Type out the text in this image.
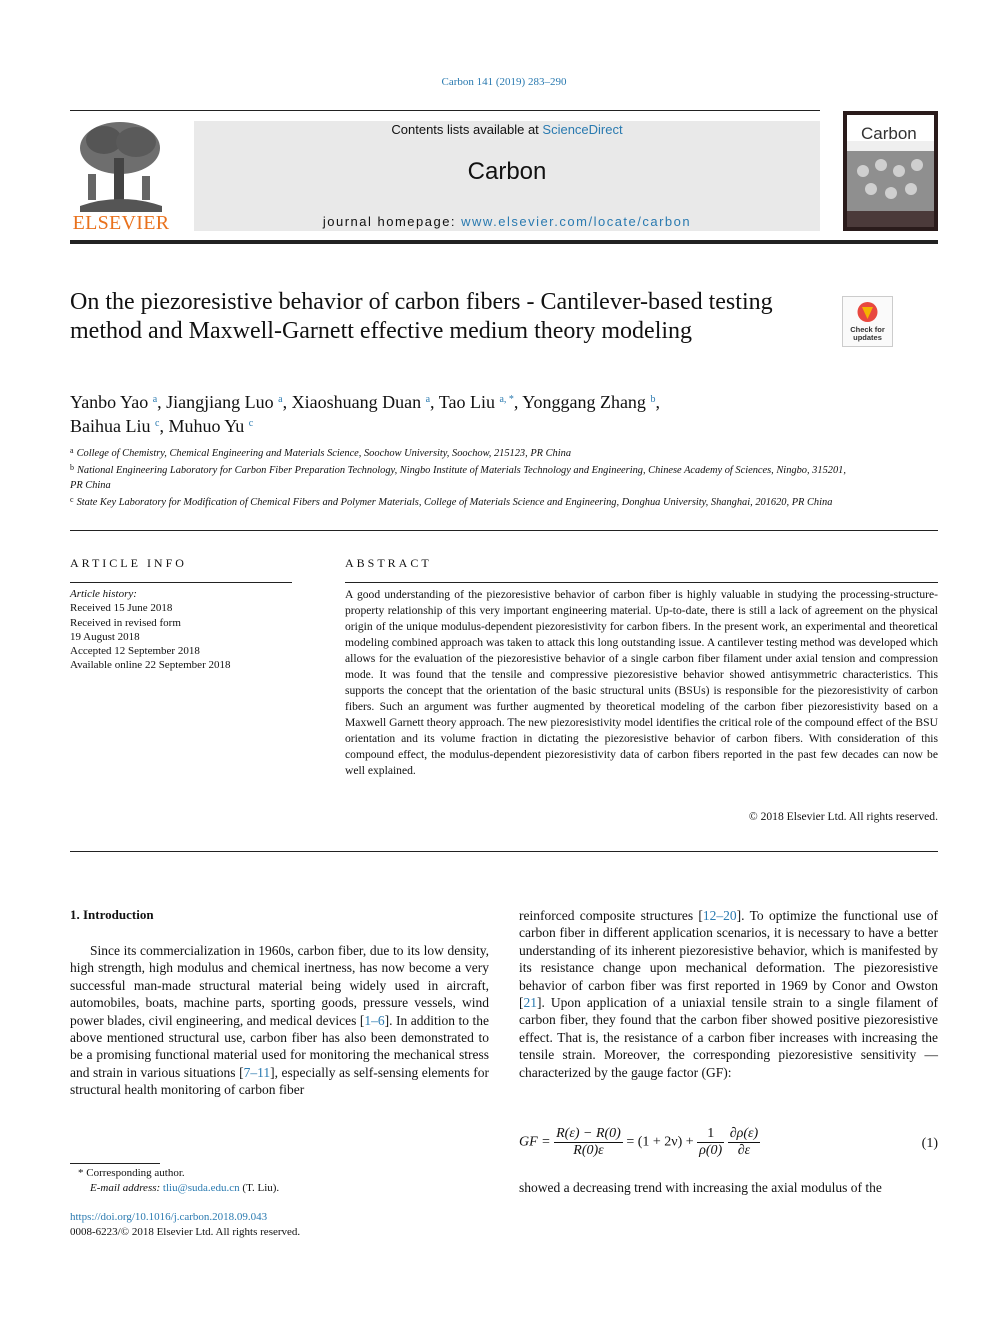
Carbon 141 (2019) 283–290
ELSEVIER
Contents lists available at ScienceDirect
Carbon
journal homepage: www.elsevier.com/locate/carbon
Carbon
On the piezoresistive behavior of carbon fibers - Cantilever-based testing method and Maxwell-Garnett effective medium theory modeling	Check for
updates
Yanbo Yao $^a$, Jiangjiang Luo $^a$, Xiaoshuang Duan $^a$, Tao Liu $^{a, *}$, Yonggang Zhang $^b$,
Baihua Liu $^c$, Muhuo Yu $^c$
$^a$ College of Chemistry, Chemical Engineering and Materials Science, Soochow University, Soochow, 215123, PR China
$^b$ National Engineering Laboratory for Carbon Fiber Preparation Technology, Ningbo Institute of Materials Technology and Engineering, Chinese Academy of Sciences, Ningbo, 315201, PR China
$^c$ State Key Laboratory for Modification of Chemical Fibers and Polymer Materials, College of Materials Science and Engineering, Donghua University, Shanghai, 201620, PR China
ARTICLE INFO
Article history:
Received 15 June 2018
Received in revised form
19 August 2018
Accepted 12 September 2018
Available online 22 September 2018
ABSTRACT
A good understanding of the piezoresistive behavior of carbon fiber is highly valuable in studying the processing-structure-property relationship of this very important engineering material. Up-to-date, there is still a lack of agreement on the physical origin of the unique modulus-dependent piezoresistivity for carbon fibers. In the present work, an experimental and theoretical modeling combined approach was taken to attack this long outstanding issue. A cantilever testing method was developed which allows for the evaluation of the piezoresistive behavior of a single carbon fiber filament under axial tension and compression mode. It was found that the tensile and compressive piezoresistive behavior showed antisymmetric characteristics. This supports the concept that the orientation of the basic structural units (BSUs) is responsible for the piezoresistivity of carbon fibers. Such an argument was further augmented by theoretical modeling of the carbon fiber piezoresistivity based on a Maxwell Garnett theory approach. The new piezoresistivity model identifies the critical role of the compound effect of the BSU orientation and its volume fraction in dictating the piezoresistive behavior of carbon fibers. With consideration of this compound effect, the modulus-dependent piezoresistivity data of carbon fibers reported in the past few decades can now be well explained.
© 2018 Elsevier Ltd. All rights reserved.
1. Introduction
Since its commercialization in 1960s, carbon fiber, due to its low density, high strength, high modulus and chemical inertness, has now become a very successful man-made structural material being widely used in aircraft, automobiles, boats, machine parts, sporting goods, pressure vessels, wind power blades, civil engineering, and medical devices [1–6]. In addition to the above mentioned structural use, carbon fiber has also been demonstrated to be a promising functional material used for monitoring the mechanical stress and strain in various situations [7–11], especially as self-sensing elements for structural health monitoring of carbon fiber
reinforced composite structures [12–20]. To optimize the functional use of carbon fiber in different application scenarios, it is necessary to have a better understanding of its inherent piezoresistive behavior, which is manifested by its resistance change upon mechanical deformation. The piezoresistive behavior of carbon fiber was first reported in 1969 by Conor and Owston [21]. Upon application of a uniaxial tensile strain to a single filament of carbon fiber, they found that the carbon fiber showed positive piezoresistive effect. That is, the resistance of a carbon fiber increases with increasing the tensile strain. Moreover, the corresponding piezoresistive sensitivity — characterized by the gauge factor (GF):
GF = $\frac{R(\varepsilon) - R(0)}{R(0)\varepsilon} = (1 + 2\nu) + \frac{1}{\rho(0)}$
$\frac{\partial\rho(\varepsilon)}{\partial\varepsilon}$	(1)
showed a decreasing trend with increasing the axial modulus of the
* Corresponding author.
E-mail address: tliu@suda.edu.cn (T. Liu).
https://doi.org/10.1016/j.carbon.2018.09.043
0008-6223/© 2018 Elsevier Ltd. All rights reserved.
